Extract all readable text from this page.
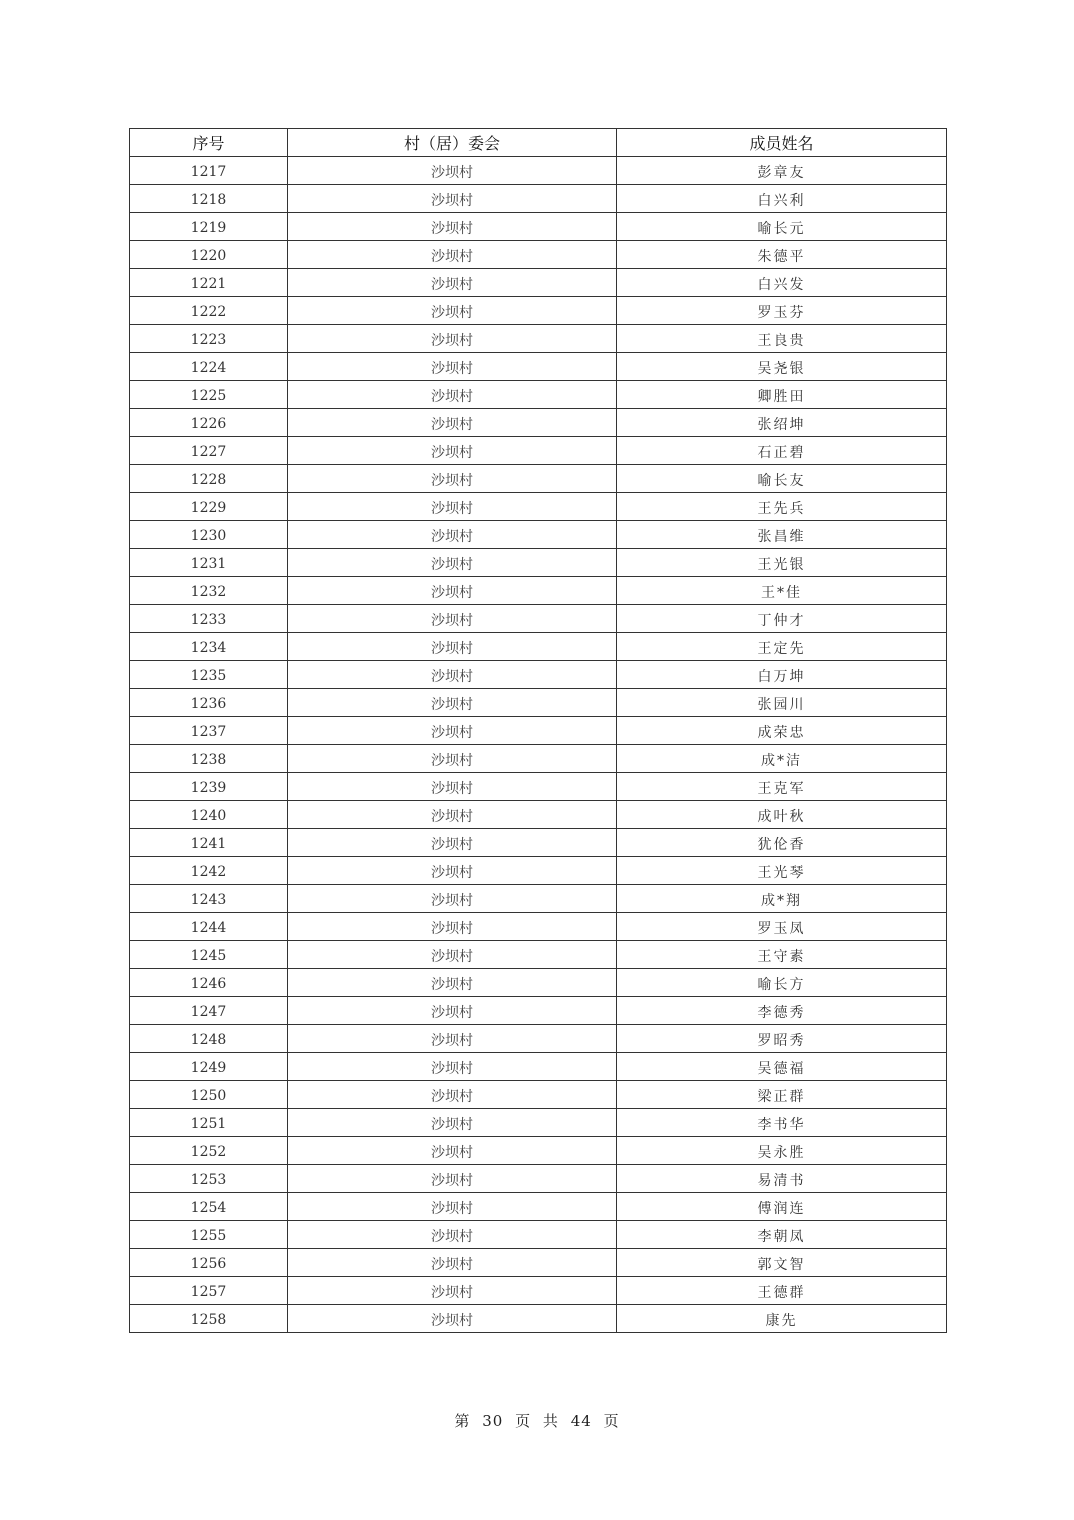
序号	村（居）委会	成员姓名
1217	沙坝村	彭章友
1218	沙坝村	白兴利
1219	沙坝村	喻长元
1220	沙坝村	朱德平
1221	沙坝村	白兴发
1222	沙坝村	罗玉芬
1223	沙坝村	王良贵
1224	沙坝村	吴尧银
1225	沙坝村	卿胜田
1226	沙坝村	张绍坤
1227	沙坝村	石正碧
1228	沙坝村	喻长友
1229	沙坝村	王先兵
1230	沙坝村	张昌维
1231	沙坝村	王光银
1232	沙坝村	王*佳
1233	沙坝村	丁仲才
1234	沙坝村	王定先
1235	沙坝村	白万坤
1236	沙坝村	张园川
1237	沙坝村	成荣忠
1238	沙坝村	成*洁
1239	沙坝村	王克军
1240	沙坝村	成叶秋
1241	沙坝村	犹伦香
1242	沙坝村	王光琴
1243	沙坝村	成*翔
1244	沙坝村	罗玉凤
1245	沙坝村	王守素
1246	沙坝村	喻长方
1247	沙坝村	李德秀
1248	沙坝村	罗昭秀
1249	沙坝村	吴德福
1250	沙坝村	梁正群
1251	沙坝村	李书华
1252	沙坝村	吴永胜
1253	沙坝村	易清书
1254	沙坝村	傅润连
1255	沙坝村	李朝凤
1256	沙坝村	郭文智
1257	沙坝村	王德群
1258	沙坝村	康先
第 30 页 共 44 页
